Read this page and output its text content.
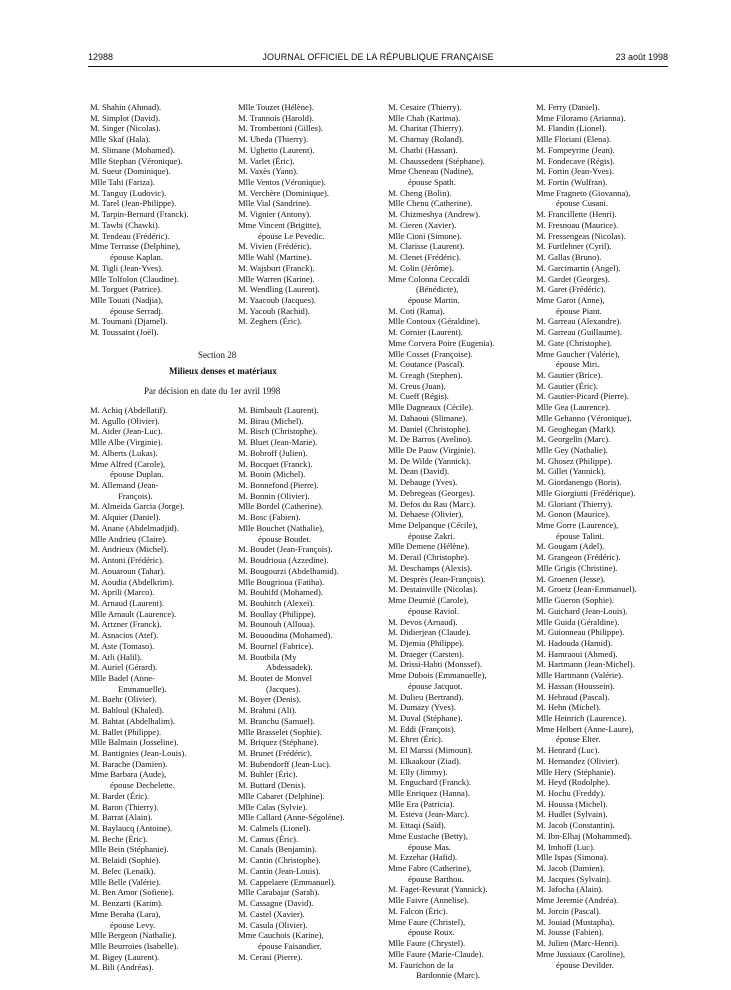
12988	JOURNAL OFFICIEL DE LA RÉPUBLIQUE FRANÇAISE	23 août 1998
M. Shahin (Ahmad).
M. Simplot (David).
M. Singer (Nicolas).
Mlle Skaf (Hala).
M. Slimane (Mohamed).
Mlle Stephan (Véronique).
M. Sueur (Dominique).
Mlle Tahi (Fariza).
M. Tanguy (Ludovic).
M. Tarel (Jean-Philippe).
M. Tarpin-Bernard (Franck).
M. Tawbi (Chawki).
M. Tendeau (Frédéric).
Mme Terrasse (Delphine),
épouse Kaplan.
M. Tigli (Jean-Yves).
Mlle Tolfolon (Claudine).
M. Torguet (Patrice).
Mlle Touati (Nadjia),
épouse Serradj.
M. Toumani (Djamel).
M. Toussaint (Joël).
Mlle Touzet (Hélène).
M. Trannois (Harold).
M. Trombettoni (Gilles).
M. Ubeda (Thierry).
M. Ughetto (Laurent).
M. Varlet (Éric).
M. Vaxès (Yann).
Mlle Ventos (Véronique).
M. Verchère (Dominique).
Mlle Vial (Sandrine).
M. Vignier (Antony).
Mme Vincent (Brigitte),
épouse Le Pevedic.
M. Vivien (Frédéric).
Mlle Wahl (Martine).
M. Wajsburt (Franck).
Mlle Warren (Karine).
M. Wendling (Laurent).
M. Yaacoub (Jacques).
M. Yacoub (Rachid).
M. Zeghers (Éric).
Section 28
Milieux denses et matériaux
Par décision en date du 1er avril 1998
M. Achiq (Abdellatif).
M. Agullo (Olivier).
M. Aider (Jean-Luc).
Mlle Albe (Virginie).
M. Alberts (Lukas).
Mme Alfred (Carole),
épouse Duplan.
M. Allemand (Jean-
François).
M. Almeida Garcia (Jorge).
M. Alquier (Daniel).
M. Anane (Abdelmadjid).
Mlle Andrieu (Claire).
M. Andrieux (Michel).
M. Antoni (Frédéric).
M. Aouaroun (Tahar).
M. Aoudia (Abdelkrim).
M. Aprili (Marco).
M. Arnaud (Laurent).
Mlle Arnault (Laurence).
M. Artzner (Franck).
M. Asnacios (Atef).
M. Aste (Tomaso).
M. Atli (Halil).
M. Auriel (Gérard).
Mlle Badel (Anne-
Emmanuelle).
M. Baehr (Olivier).
M. Bahloul (Khaled).
M. Bahtat (Abdelhalim).
M. Ballet (Philippe).
Mlle Balmain (Josseline).
M. Bantignies (Jean-Louis).
M. Barache (Damien).
Mme Barbara (Aude),
épouse Dechelette.
M. Bardet (Éric).
M. Baron (Thierry).
M. Barrat (Alain).
M. Baylaucq (Antoine).
M. Beche (Éric).
Mlle Bein (Stéphanie).
M. Belaidi (Sophie).
M. Belec (Lenaik).
Mlle Belle (Valérie).
M. Ben Amor (Sofiene).
M. Benzarti (Karim).
Mme Beraha (Lara),
épouse Levy.
Mlle Bergeon (Nathalie).
Mlle Beurroies (Isabelle).
M. Bigey (Laurent).
M. Bili (Andréas).
M. Bimbault (Laurent).
M. Birau (Michel).
M. Bisch (Christophe).
M. Bluet (Jean-Marie).
M. Bobroff (Julien).
M. Bocquet (Franck).
M. Bonin (Michel).
M. Bonnefond (Pierre).
M. Bonnin (Olivier).
Mlle Bordel (Catherine).
M. Bosc (Fabien).
Mlle Bouchet (Nathalie),
épouse Boudet.
M. Boudet (Jean-François).
M. Boudrioua (Azzedine).
M. Bougourzi (Abdelhamid).
Mlle Bougrioua (Fatiha).
M. Bouhifd (Mohamed).
M. Bouhitch (Alexei).
M. Boullay (Philippe).
M. Bounouh (Alloua).
M. Bououdina (Mohamed).
M. Bournel (Fabrice).
M. Boutbila (My
Abdessadek).
M. Boutet de Monvel
(Jacques).
M. Boyer (Denis).
M. Brahmi (Ali).
M. Branchu (Samuel).
Mlle Brasselet (Sophie).
M. Briquez (Stéphane).
M. Brunet (Frédéric).
M. Bubendorff (Jean-Luc).
M. Buhler (Éric).
M. Buttard (Denis).
Mlle Cabaret (Delphine).
Mlle Calas (Sylvie).
Mlle Callard (Anne-Ségolène).
M. Calmels (Lionel).
M. Camus (Éric).
M. Canals (Benjamin).
M. Cantin (Christophe).
M. Cantin (Jean-Louis).
M. Cappelaere (Emmanuel).
Mlle Carabajar (Sarah).
M. Cassagne (David).
M. Castel (Xavier).
M. Casula (Olivier).
Mme Cauchois (Karine),
épouse Faisandier.
M. Cerasi (Pierre).
M. Cesaire (Thierry).
Mlle Chah (Karima).
M. Charitat (Thierry).
M. Charnay (Roland).
M. Chatbi (Hassan).
M. Chaussedent (Stéphane).
Mme Cheneau (Nadine),
épouse Spath.
M. Cheng (Bolin).
Mlle Chenu (Catherine).
M. Chizmeshya (Andrew).
M. Cieren (Xavier).
Mlle Cioni (Simone).
M. Clarisse (Laurent).
M. Clenet (Frédéric).
M. Colin (Jérôme).
Mme Colonna Ceccaldi
(Bénédicte),
épouse Martin.
M. Coti (Rama).
Mlle Contoux (Géraldine).
M. Cornier (Laurent).
Mme Corvera Poire (Eugenia).
Mlle Cosset (Françoise).
M. Coutance (Pascal).
M. Creagh (Stephen).
M. Creus (Juan).
M. Cueff (Régis).
Mlle Dagneaux (Cécile).
M. Dahaoui (Slimane).
M. Daniel (Christophe).
M. De Barros (Avelino).
Mlle De Pauw (Virginie).
M. De Wilde (Yannick).
M. Dean (David).
M. Debauge (Yves).
M. Debregeas (Georges).
M. Defos du Rau (Marc).
M. Dehaese (Olivier).
Mme Delpanque (Cécile),
épouse Zakri.
Mlle Demene (Hélène).
M. Derail (Christophe).
M. Deschamps (Alexis).
M. Desprès (Jean-François).
M. Destainville (Nicolas).
Mme Deumié (Carole),
épouse Raviol.
M. Devos (Arnaud).
M. Didierjean (Claude).
M. Djemia (Philippe).
M. Draeger (Carsten).
M. Drissi-Habti (Monssef).
Mme Dubois (Emmanuelle),
épouse Jacquot.
M. Dulieu (Bertrand).
M. Dumazy (Yves).
M. Duval (Stéphane).
M. Eddi (François).
M. Ehret (Éric).
M. El Marssi (Mimoun).
M. Elkaakour (Ziad).
M. Elly (Jimmy).
M. Enguchard (Franck).
Mlle Enriquez (Hanna).
Mlle Era (Patricia).
M. Esteva (Jean-Marc).
M. Ettaqi (Saïd).
Mme Eustache (Betty),
épouse Mas.
M. Ezzehar (Hafid).
Mme Fabre (Catherine),
épouse Barthou.
M. Faget-Revurat (Yannick).
Mlle Faivre (Annelise).
M. Falcon (Éric).
Mme Faure (Christel),
épouse Roux.
Mlle Faure (Chrystel).
Mlle Faure (Marie-Claude).
M. Faurichon de la
Bardonnie (Marc).
M. Ferry (Daniel).
Mme Filoramo (Arianna).
M. Flandin (Lionel).
Mlle Floriani (Elena).
M. Fompeyrine (Jean).
M. Fondecave (Régis).
M. Fortin (Jean-Yves).
M. Fortin (Wulfran).
Mme Fragneto (Giovanna),
épouse Cusani.
M. Francillette (Henri).
M. Fresnoau (Maurice).
M. Fressengeas (Nicolas).
M. Furtlehner (Cyril).
M. Gallas (Bruno).
M. Garcimartin (Angel).
M. Gardet (Georges).
M. Garet (Frédéric).
Mme Garot (Anne),
épouse Piant.
M. Garreau (Alexandre).
M. Garreau (Guillaume).
M. Gate (Christophe).
Mme Gaucher (Valérie),
épouse Miri.
M. Gautier (Brice).
M. Gautier (Éric).
M. Gautier-Picard (Pierre).
Mlle Gea (Laurence).
Mlle Gehanno (Véronique).
M. Geoghegan (Mark).
M. Georgelin (Marc).
Mlle Gey (Nathalie).
M. Ghosez (Philippe).
M. Gillet (Yannick).
M. Giordanengo (Boris).
Mlle Giorgiutti (Frédérique).
M. Gloriant (Thierry).
M. Gonon (Maurice).
Mme Gorre (Laurence),
épouse Talini.
M. Gougam (Adel).
M. Grangeon (Frédéric).
Mlle Grigis (Christine).
M. Groenen (Jesse).
M. Groetz (Jean-Emmanuel).
Mlle Gueron (Sophie).
M. Guichard (Jean-Louis).
Mlle Guida (Géraldine).
M. Guionneau (Philippe).
M. Hadouda (Hamid).
M. Hamraoui (Ahmed).
M. Hartmann (Jean-Michel).
Mlle Hartmann (Valérie).
M. Hassan (Houssein).
M. Hebraud (Pascal).
M. Hehn (Michel).
Mlle Heinrich (Laurence).
Mme Helbert (Anne-Laure),
épouse Elter.
M. Henrard (Luc).
M. Hernandez (Olivier).
Mlle Hery (Stéphanie).
M. Heyd (Rodolphe).
M. Hochu (Freddy).
M. Houssa (Michel).
M. Hudlet (Sylvain).
M. Jacob (Constantin).
M. Ibn-Elhaj (Mohammed).
M. Imhoff (Luc).
Mlle Ispas (Simona).
M. Jacob (Damien).
M. Jacques (Sylvain).
M. Jafocha (Alain).
Mme Jeremie (Andréa).
M. Jorcin (Pascal).
M. Jouiad (Mustapha).
M. Jousse (Fabien).
M. Julien (Marc-Henri).
Mme Jussiaux (Caroline),
épouse Devilder.
